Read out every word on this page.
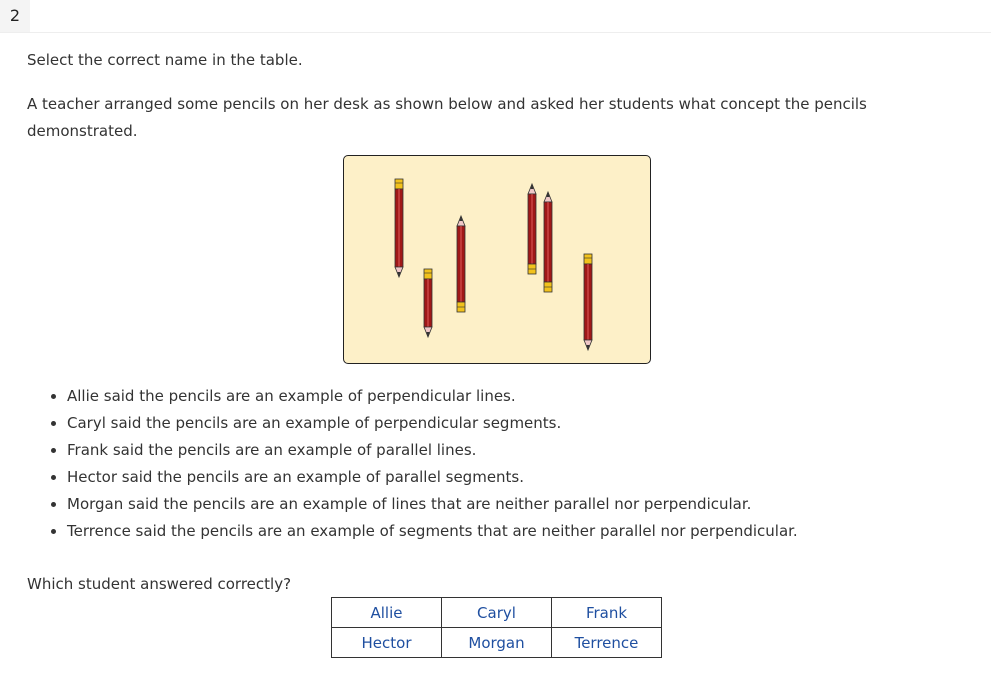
2

Select the correct name in the table.

A teacher arranged some pencils on her desk as shown below and asked her students what concept the pencils demonstrated.

• Allie said the pencils are an example of perpendicular lines.
• Caryl said the pencils are an example of perpendicular segments.
• Frank said the pencils are an example of parallel lines.
• Hector said the pencils are an example of parallel segments.
• Morgan said the pencils are an example of lines that are neither parallel nor perpendicular.
• Terrence said the pencils are an example of segments that are neither parallel nor perpendicular.

Which student answered correctly?

Allie	Caryl	Frank
Hector	Morgan	Terrence
